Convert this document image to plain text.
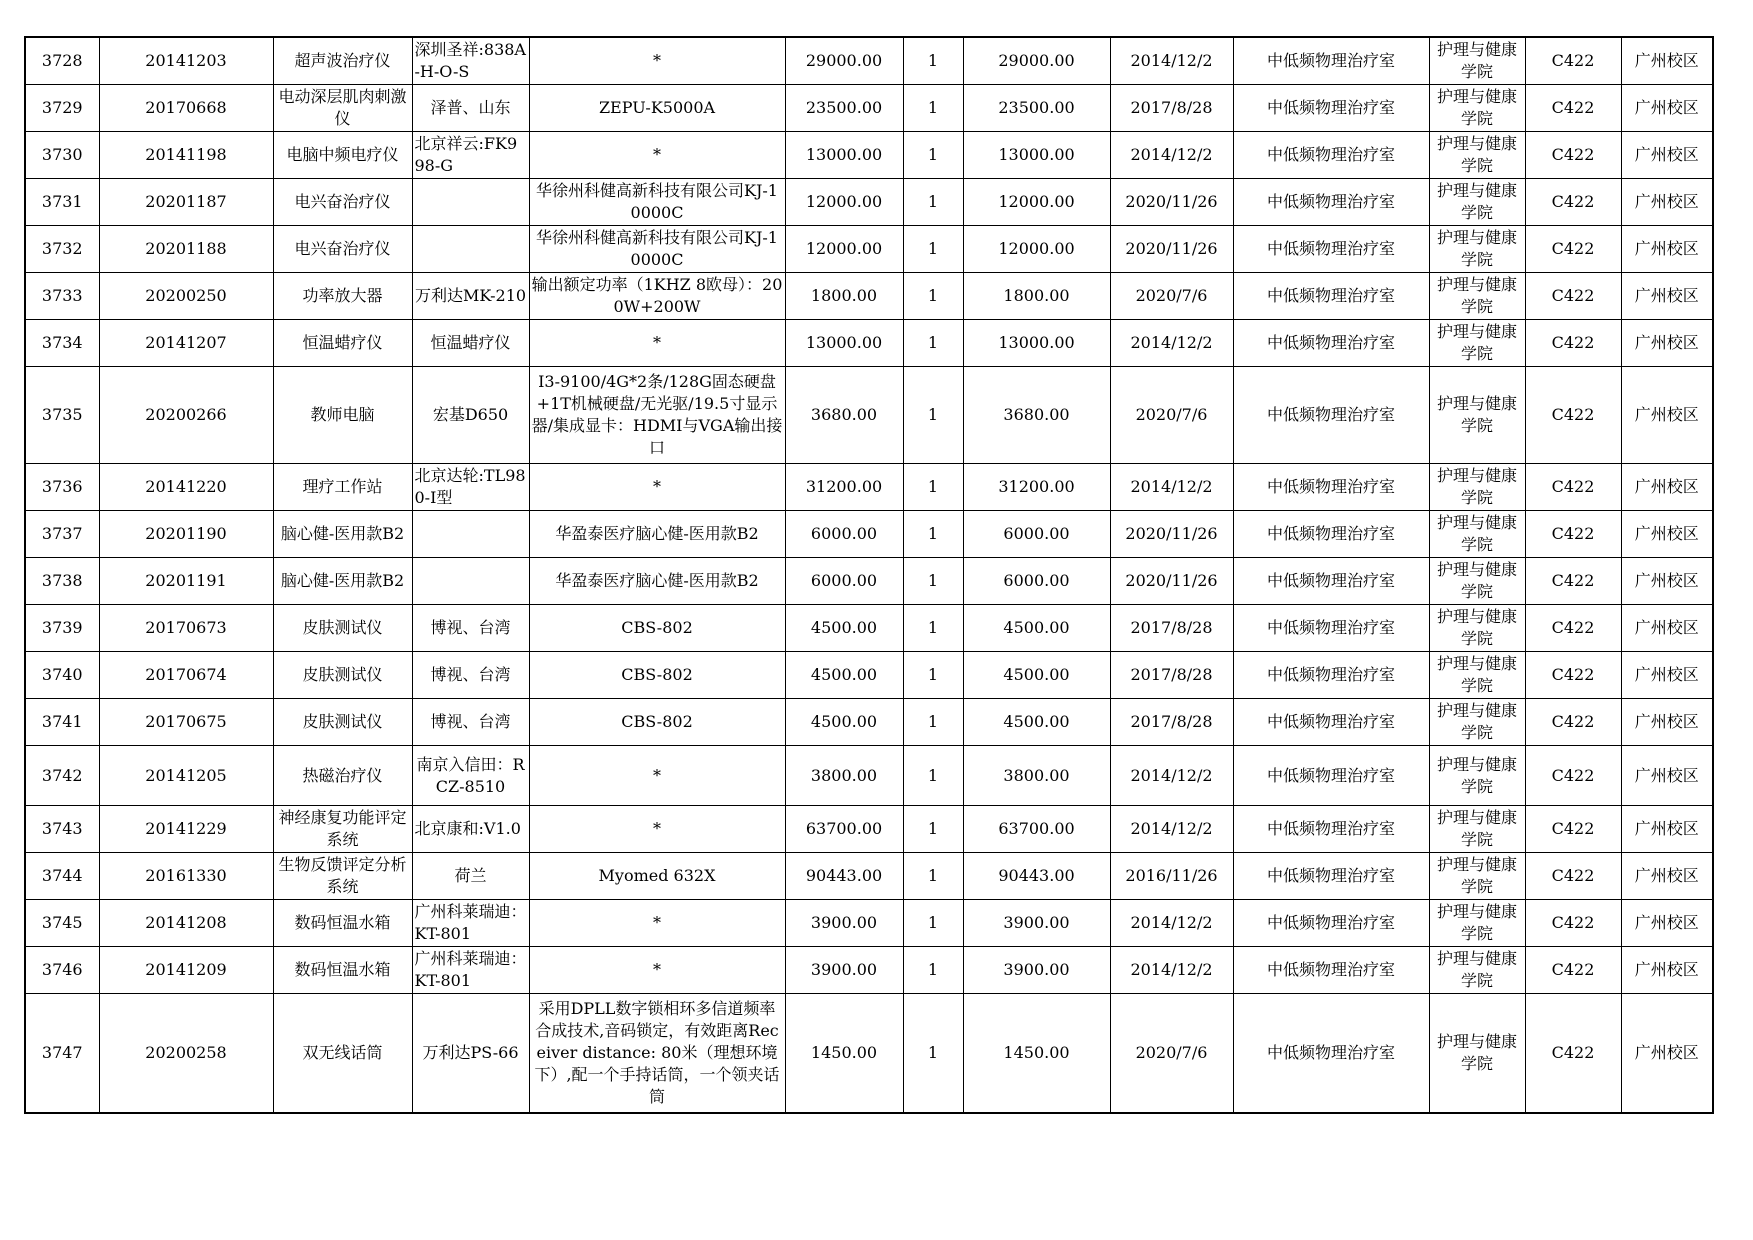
3728	20141203	超声波治疗仪	深圳圣祥:838A-H-O-S	*	29000.00	1	29000.00	2014/12/2	中低频物理治疗室	护理与健康学院	C422	广州校区
3729	20170668	电动深层肌肉刺激仪	泽普、山东	ZEPU-K5000A	23500.00	1	23500.00	2017/8/28	中低频物理治疗室	护理与健康学院	C422	广州校区
3730	20141198	电脑中频电疗仪	北京祥云:FK998-G	*	13000.00	1	13000.00	2014/12/2	中低频物理治疗室	护理与健康学院	C422	广州校区
3731	20201187	电兴奋治疗仪		华徐州科健高新科技有限公司KJ-10000C	12000.00	1	12000.00	2020/11/26	中低频物理治疗室	护理与健康学院	C422	广州校区
3732	20201188	电兴奋治疗仪		华徐州科健高新科技有限公司KJ-10000C	12000.00	1	12000.00	2020/11/26	中低频物理治疗室	护理与健康学院	C422	广州校区
3733	20200250	功率放大器	万利达MK-210	输出额定功率（1KHZ 8欧母）：200W+200W	1800.00	1	1800.00	2020/7/6	中低频物理治疗室	护理与健康学院	C422	广州校区
3734	20141207	恒温蜡疗仪	恒温蜡疗仪	*	13000.00	1	13000.00	2014/12/2	中低频物理治疗室	护理与健康学院	C422	广州校区
3735	20200266	教师电脑	宏基D650	I3-9100/4G*2条/128G固态硬盘+1T机械硬盘/无光驱/19.5寸显示器/集成显卡：HDMI与VGA输出接口	3680.00	1	3680.00	2020/7/6	中低频物理治疗室	护理与健康学院	C422	广州校区
3736	20141220	理疗工作站	北京达轮:TL980-I型	*	31200.00	1	31200.00	2014/12/2	中低频物理治疗室	护理与健康学院	C422	广州校区
3737	20201190	脑心健-医用款B2		华盈泰医疗脑心健-医用款B2	6000.00	1	6000.00	2020/11/26	中低频物理治疗室	护理与健康学院	C422	广州校区
3738	20201191	脑心健-医用款B2		华盈泰医疗脑心健-医用款B2	6000.00	1	6000.00	2020/11/26	中低频物理治疗室	护理与健康学院	C422	广州校区
3739	20170673	皮肤测试仪	博视、台湾	CBS-802	4500.00	1	4500.00	2017/8/28	中低频物理治疗室	护理与健康学院	C422	广州校区
3740	20170674	皮肤测试仪	博视、台湾	CBS-802	4500.00	1	4500.00	2017/8/28	中低频物理治疗室	护理与健康学院	C422	广州校区
3741	20170675	皮肤测试仪	博视、台湾	CBS-802	4500.00	1	4500.00	2017/8/28	中低频物理治疗室	护理与健康学院	C422	广州校区
3742	20141205	热磁治疗仪	南京入信田：RCZ-8510	*	3800.00	1	3800.00	2014/12/2	中低频物理治疗室	护理与健康学院	C422	广州校区
3743	20141229	神经康复功能评定系统	北京康和:V1.0	*	63700.00	1	63700.00	2014/12/2	中低频物理治疗室	护理与健康学院	C422	广州校区
3744	20161330	生物反馈评定分析系统	荷兰	Myomed 632X	90443.00	1	90443.00	2016/11/26	中低频物理治疗室	护理与健康学院	C422	广州校区
3745	20141208	数码恒温水箱	广州科莱瑞迪：KT-801	*	3900.00	1	3900.00	2014/12/2	中低频物理治疗室	护理与健康学院	C422	广州校区
3746	20141209	数码恒温水箱	广州科莱瑞迪：KT-801	*	3900.00	1	3900.00	2014/12/2	中低频物理治疗室	护理与健康学院	C422	广州校区
3747	20200258	双无线话筒	万利达PS-66	采用DPLL数字锁相环多信道频率合成技术,音码锁定，有效距离Receiver distance: 80米（理想环境下）,配一个手持话筒，一个领夹话筒	1450.00	1	1450.00	2020/7/6	中低频物理治疗室	护理与健康学院	C422	广州校区
